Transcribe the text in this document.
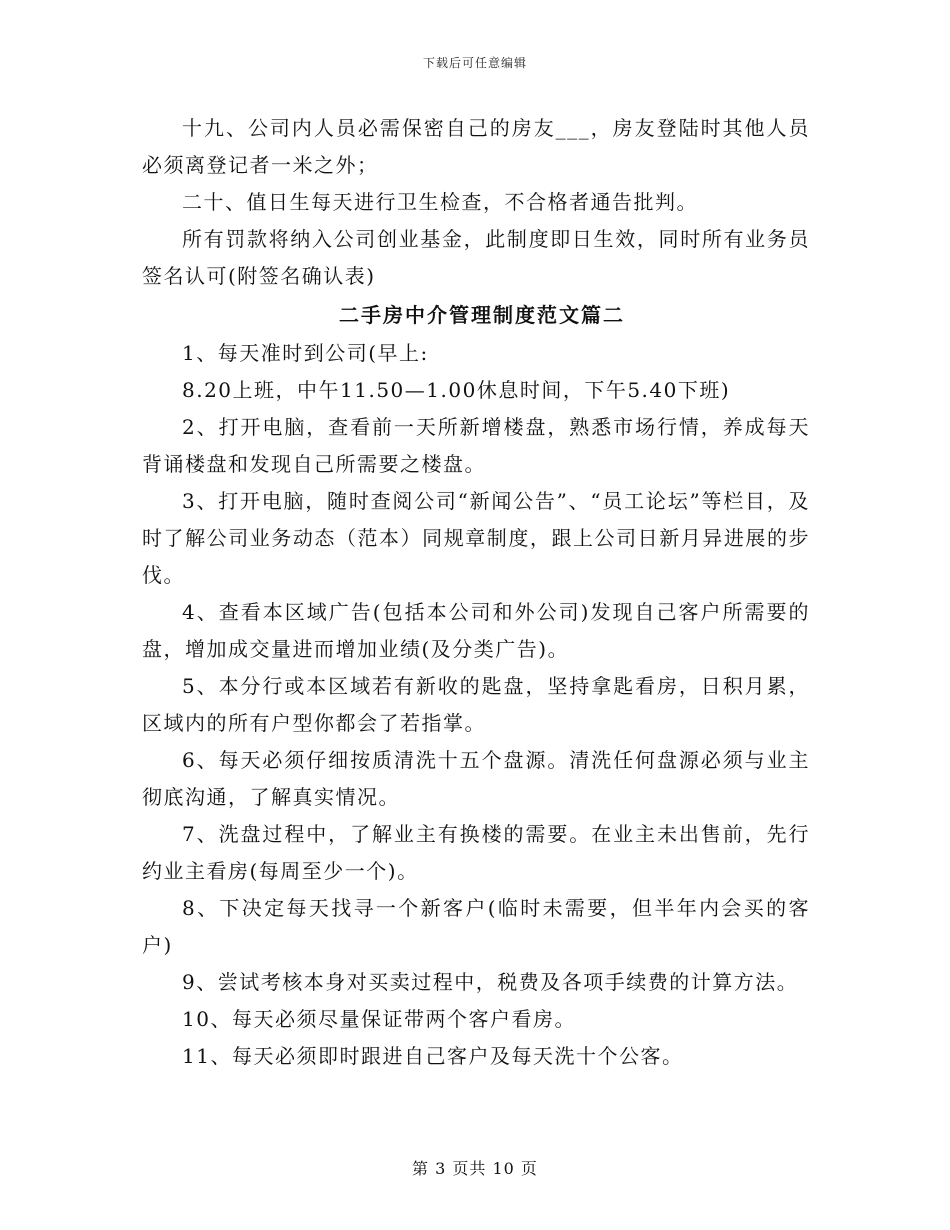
下载后可任意编辑

十九、公司内人员必需保密自己的房友___，房友登陆时其他人员必须离登记者一米之外；

二十、值日生每天进行卫生检查，不合格者通告批判。

所有罚款将纳入公司创业基金，此制度即日生效，同时所有业务员签名认可(附签名确认表)

二手房中介管理制度范文篇二

1、每天准时到公司(早上:

8.20上班，中午11.50—1.00休息时间，下午5.40下班)

2、打开电脑，查看前一天所新增楼盘，熟悉市场行情，养成每天背诵楼盘和发现自己所需要之楼盘。

3、打开电脑，随时查阅公司“新闻公告”、“员工论坛”等栏目，及时了解公司业务动态（范本）同规章制度，跟上公司日新月异进展的步伐。

4、查看本区域广告(包括本公司和外公司)发现自己客户所需要的盘，增加成交量进而增加业绩(及分类广告)。

5、本分行或本区域若有新收的匙盘，坚持拿匙看房，日积月累，区域内的所有户型你都会了若指掌。

6、每天必须仔细按质清洗十五个盘源。清洗任何盘源必须与业主彻底沟通，了解真实情况。

7、洗盘过程中，了解业主有换楼的需要。在业主未出售前，先行约业主看房(每周至少一个)。

8、下决定每天找寻一个新客户(临时未需要，但半年内会买的客户)

9、尝试考核本身对买卖过程中，税费及各项手续费的计算方法。

10、每天必须尽量保证带两个客户看房。

11、每天必须即时跟进自己客户及每天洗十个公客。

第 3 页共 10 页
